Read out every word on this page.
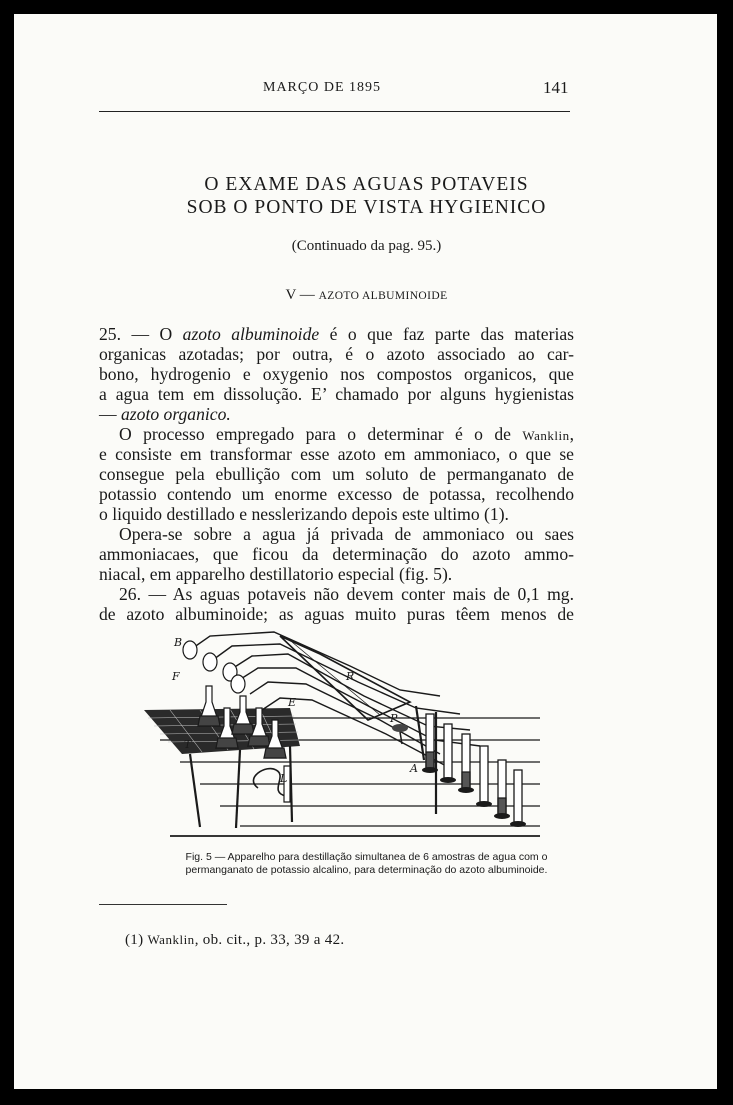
MARÇO DE 1895	141
O EXAME DAS AGUAS POTAVEIS
SOB O PONTO DE VISTA HYGIENICO
(Continuado da pag. 95.)
V — AZOTO ALBUMINOIDE
25. — O azoto albuminoide é o que faz parte das materias
organicas azotadas; por outra, é o azoto associado ao car-
bono, hydrogenio e oxygenio nos compostos organicos, que
a agua tem em dissolução. E’ chamado por alguns hygienistas
— azoto organico.
O processo empregado para o determinar é o de Wanklin,
e consiste em transformar esse azoto em ammoniaco, o que se
consegue pela ebullição com um soluto de permanganato de
potassio contendo um enorme excesso de potassa, recolhendo
o liquido destillado e nesslerizando depois este ultimo (1).
Opera-se sobre a agua já privada de ammoniaco ou saes
ammoniacaes, que ficou da determinação do azoto ammo-
niacal, em apparelho destillatorio especial (fig. 5).
26. — As aguas potaveis não devem conter mais de 0,1 mg.
de azoto albuminoide; as aguas muito puras têem menos de
B
F	R
E
T
P
A
L
Fig. 5 — Apparelho para destillação simultanea de 6 amostras de agua com o
permanganato de potassio alcalino, para determinação do azoto albuminoide.
(1) Wanklin, ob. cit., p. 33, 39 a 42.
